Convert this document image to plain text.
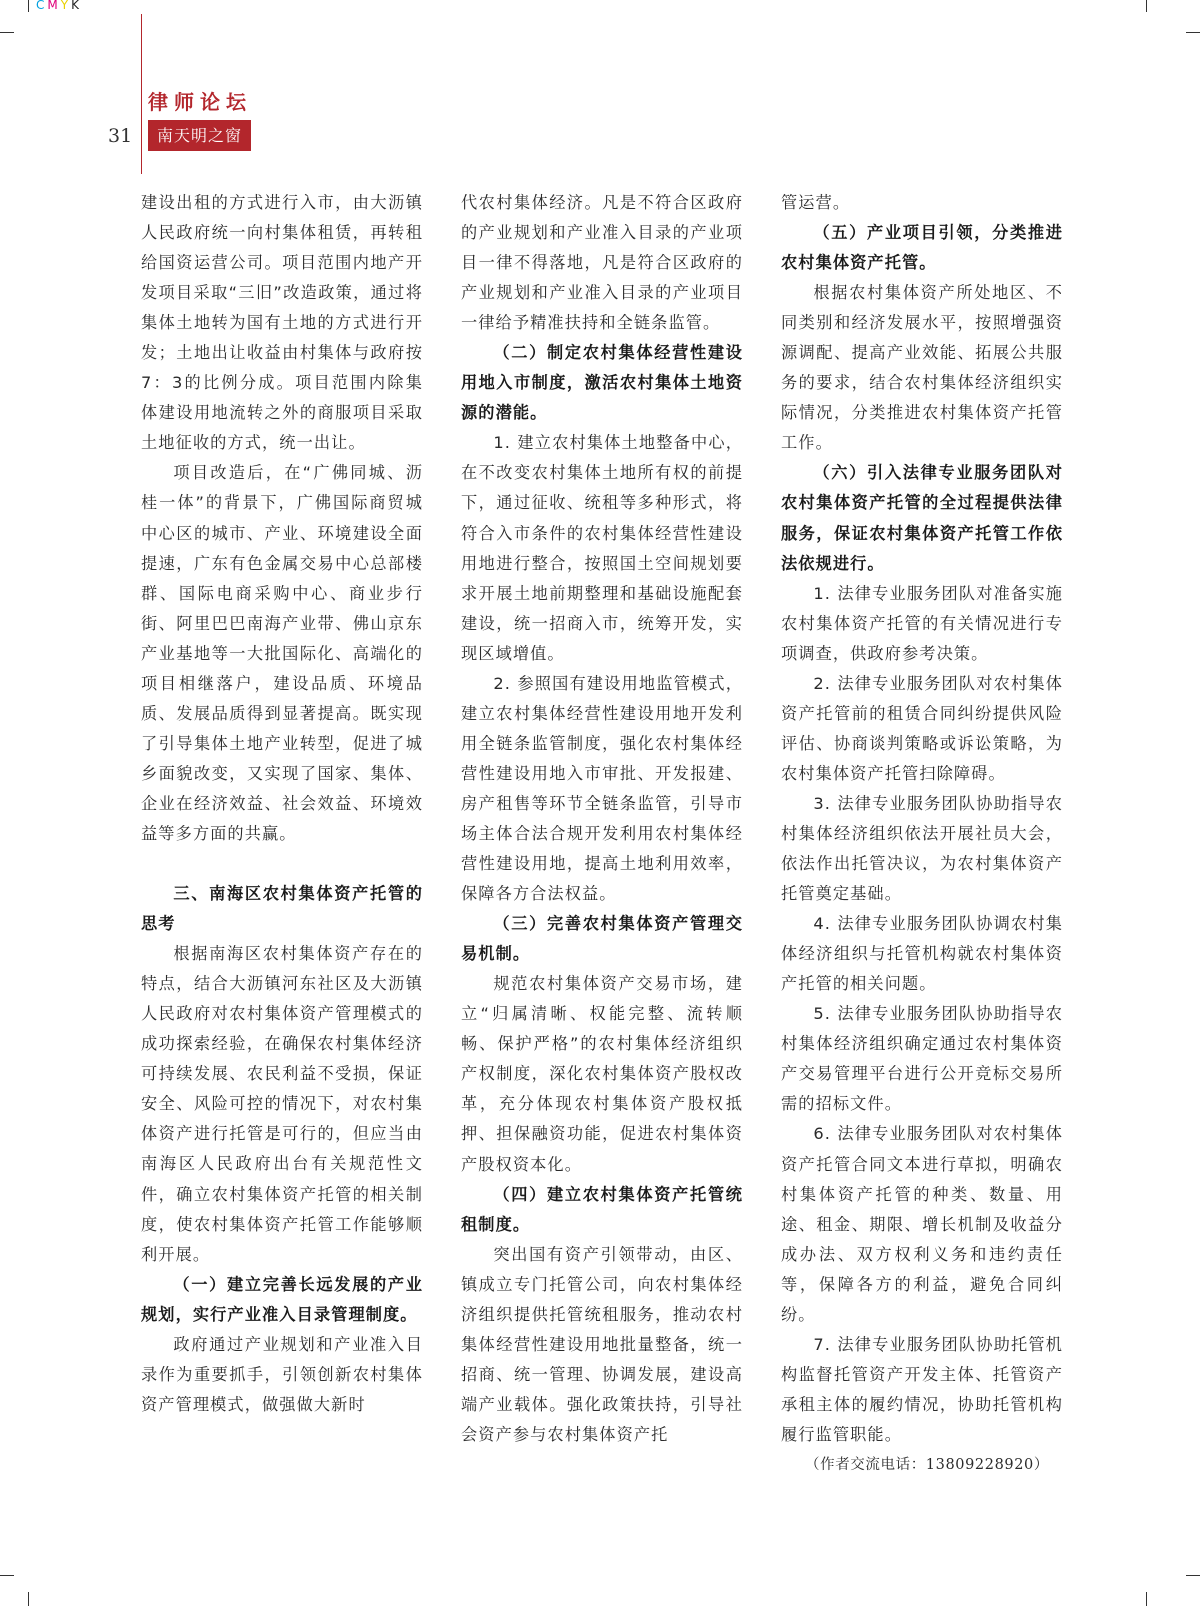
CMYK
律师论坛
31	南天明之窗

建设出租的方式进行入市，由大沥镇人民政府统一向村集体租赁，再转租给国资运营公司。项目范围内地产开发项目采取“三旧”改造政策，通过将集体土地转为国有土地的方式进行开发；土地出让收益由村集体与政府按7：3的比例分成。项目范围内除集体建设用地流转之外的商服项目采取土地征收的方式，统一出让。

项目改造后，在“广佛同城、沥桂一体”的背景下，广佛国际商贸城中心区的城市、产业、环境建设全面提速，广东有色金属交易中心总部楼群、国际电商采购中心、商业步行街、阿里巴巴南海产业带、佛山京东产业基地等一大批国际化、高端化的项目相继落户，建设品质、环境品质、发展品质得到显著提高。既实现了引导集体土地产业转型，促进了城乡面貌改变，又实现了国家、集体、企业在经济效益、社会效益、环境效益等多方面的共赢。

三、南海区农村集体资产托管的思考

根据南海区农村集体资产存在的特点，结合大沥镇河东社区及大沥镇人民政府对农村集体资产管理模式的成功探索经验，在确保农村集体经济可持续发展、农民利益不受损，保证安全、风险可控的情况下，对农村集体资产进行托管是可行的，但应当由南海区人民政府出台有关规范性文件，确立农村集体资产托管的相关制度，使农村集体资产托管工作能够顺利开展。

（一）建立完善长远发展的产业规划，实行产业准入目录管理制度。

政府通过产业规划和产业准入目录作为重要抓手，引领创新农村集体资产管理模式，做强做大新时

代农村集体经济。凡是不符合区政府的产业规划和产业准入目录的产业项目一律不得落地，凡是符合区政府的产业规划和产业准入目录的产业项目一律给予精准扶持和全链条监管。

（二）制定农村集体经营性建设用地入市制度，激活农村集体土地资源的潜能。

1. 建立农村集体土地整备中心，在不改变农村集体土地所有权的前提下，通过征收、统租等多种形式，将符合入市条件的农村集体经营性建设用地进行整合，按照国土空间规划要求开展土地前期整理和基础设施配套建设，统一招商入市，统筹开发，实现区域增值。

2. 参照国有建设用地监管模式，建立农村集体经营性建设用地开发利用全链条监管制度，强化农村集体经营性建设用地入市审批、开发报建、房产租售等环节全链条监管，引导市场主体合法合规开发利用农村集体经营性建设用地，提高土地利用效率，保障各方合法权益。

（三）完善农村集体资产管理交易机制。

规范农村集体资产交易市场，建立“归属清晰、权能完整、流转顺畅、保护严格”的农村集体经济组织产权制度，深化农村集体资产股权改革，充分体现农村集体资产股权抵押、担保融资功能，促进农村集体资产股权资本化。

（四）建立农村集体资产托管统租制度。

突出国有资产引领带动，由区、镇成立专门托管公司，向农村集体经济组织提供托管统租服务，推动农村集体经营性建设用地批量整备，统一招商、统一管理、协调发展，建设高端产业载体。强化政策扶持，引导社会资产参与农村集体资产托

管运营。

（五）产业项目引领，分类推进农村集体资产托管。

根据农村集体资产所处地区、不同类别和经济发展水平，按照增强资源调配、提高产业效能、拓展公共服务的要求，结合农村集体经济组织实际情况，分类推进农村集体资产托管工作。

（六）引入法律专业服务团队对农村集体资产托管的全过程提供法律服务，保证农村集体资产托管工作依法依规进行。

1. 法律专业服务团队对准备实施农村集体资产托管的有关情况进行专项调查，供政府参考决策。

2. 法律专业服务团队对农村集体资产托管前的租赁合同纠纷提供风险评估、协商谈判策略或诉讼策略，为农村集体资产托管扫除障碍。

3. 法律专业服务团队协助指导农村集体经济组织依法开展社员大会，依法作出托管决议，为农村集体资产托管奠定基础。

4. 法律专业服务团队协调农村集体经济组织与托管机构就农村集体资产托管的相关问题。

5. 法律专业服务团队协助指导农村集体经济组织确定通过农村集体资产交易管理平台进行公开竞标交易所需的招标文件。

6. 法律专业服务团队对农村集体资产托管合同文本进行草拟，明确农村集体资产托管的种类、数量、用途、租金、期限、增长机制及收益分成办法、双方权利义务和违约责任等，保障各方的利益，避免合同纠纷。

7. 法律专业服务团队协助托管机构监督托管资产开发主体、托管资产承租主体的履约情况，协助托管机构履行监管职能。

（作者交流电话：13809228920）
